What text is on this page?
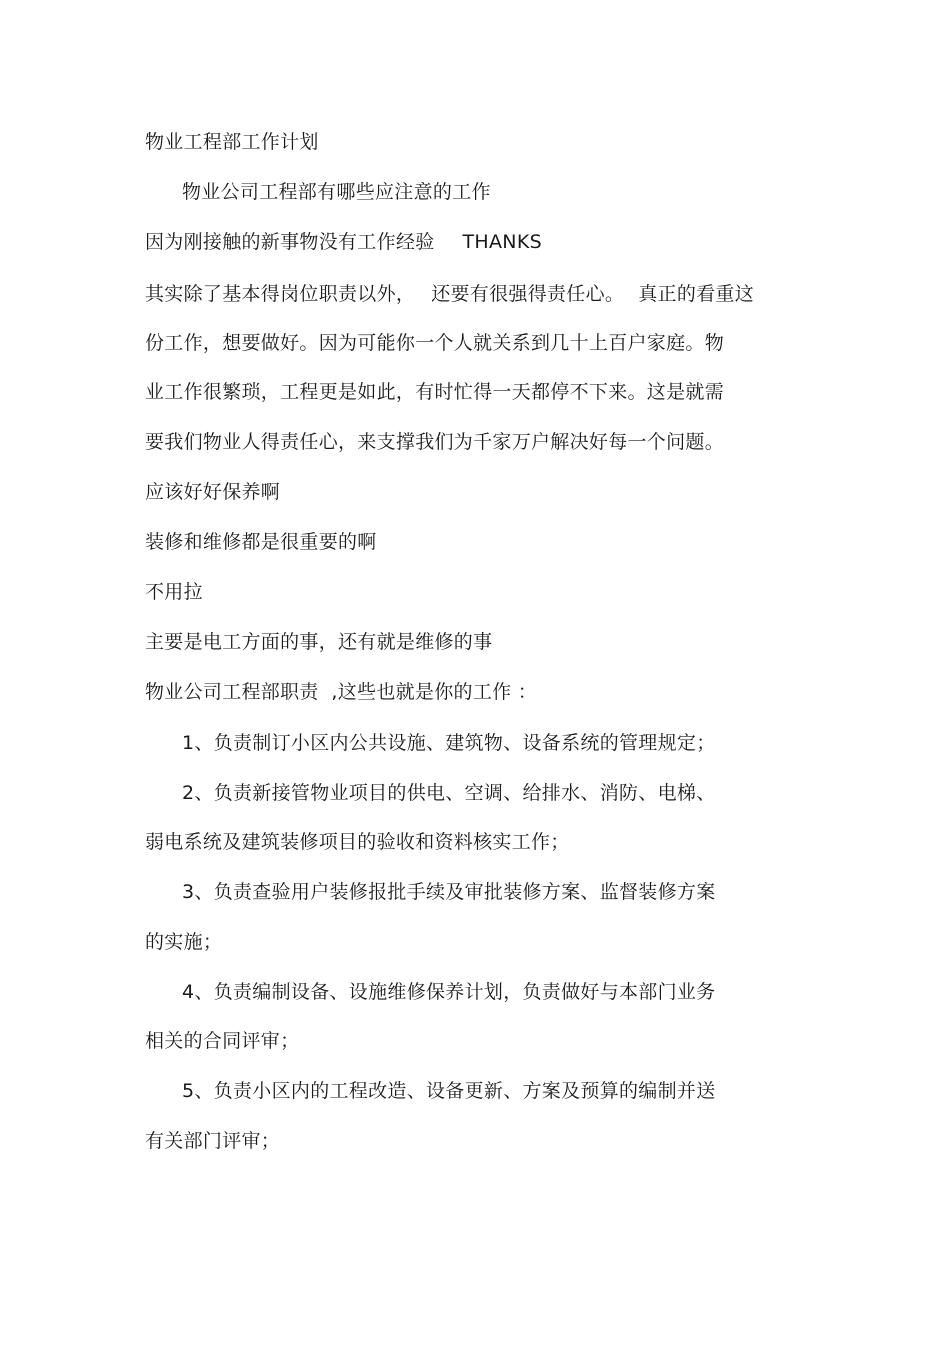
物业工程部工作计划
物业公司工程部有哪些应注意的工作
因为刚接触的新事物没有工作经验 THANKS
其实除了基本得岗位职责以外， 还要有很强得责任心。 真正的看重这
份工作，想要做好。因为可能你一个人就关系到几十上百户家庭。物
业工作很繁琐，工程更是如此，有时忙得一天都停不下来。这是就需
要我们物业人得责任心，来支撑我们为千家万户解决好每一个问题。
应该好好保养啊
装修和维修都是很重要的啊
不用拉
主要是电工方面的事，还有就是维修的事
物业公司工程部职责  ,这些也就是你的工作 ：
1、负责制订小区内公共设施、建筑物、设备系统的管理规定；
2、负责新接管物业项目的供电、空调、给排水、消防、电梯、
弱电系统及建筑装修项目的验收和资料核实工作；
3、负责查验用户装修报批手续及审批装修方案、监督装修方案
的实施；
4、负责编制设备、设施维修保养计划，负责做好与本部门业务
相关的合同评审；
5、负责小区内的工程改造、设备更新、方案及预算的编制并送
有关部门评审；
